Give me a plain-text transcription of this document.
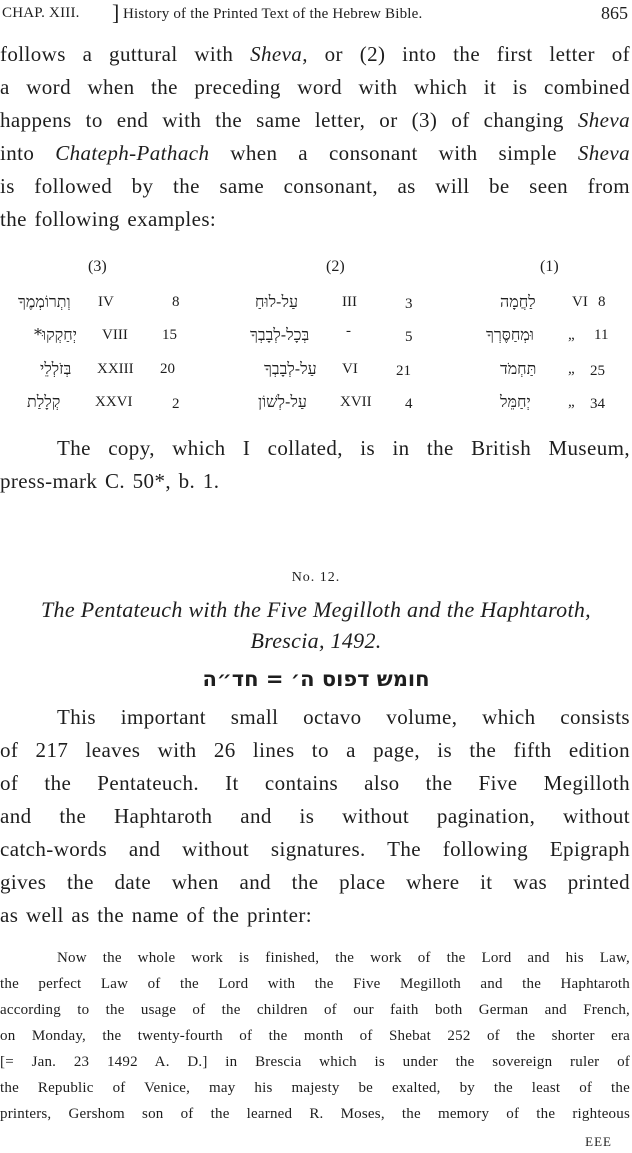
CHAP. XIII. ] History of the Printed Text of the Hebrew Bible.	865
follows a guttural with Sheva, or (2) into the first letter of
a word when the preceding word with which it is combined
happens to end with the same letter, or (3) of changing Sheva
into Chateph-Pathach when a consonant with simple Sheva
is followed by the same consonant, as will be seen from
the following examples:
(3)	(2)	(1)
וְתְרוֹמְמֶךָ IV	8	עַל-לוּחַ	III	3	לַחֲמָה VI 8
יְחַקְקוּ* VIII 15	בְּכָל-לְבָבְךָ -	5	וּמְחַסֶּרְךָ „ 11
בְּזֹלְלֵי XXIII 20	עַל-לְבָבְךָ VI	21	תַּחְמֹד „ 25
קְלָלַת XXVI	2	עַל-לְשׁוֹן XVII 4	יְחַמֵּל „ 34
The copy, which I collated, is in the British Museum,
press-mark C. 50*, b. 1.
No. 12.
The Pentateuch with the Five Megilloth and the Haphtaroth,
Brescia, 1492.
חומש דפוס ה׳ = חד״ה
This important small octavo volume, which consists
of 217 leaves with 26 lines to a page, is the fifth edition
of the Pentateuch. It contains also the Five Megilloth
and the Haphtaroth and is without pagination, without
catch-words and without signatures. The following Epigraph
gives the date when and the place where it was printed
as well as the name of the printer:
Now the whole work is finished, the work of the Lord and his Law,
the perfect Law of the Lord with the Five Megilloth and the Haphtaroth
according to the usage of the children of our faith both German and French,
on Monday, the twenty-fourth of the month of Shebat 252 of the shorter era
[= Jan. 23 1492 A. D.] in Brescia which is under the sovereign ruler of
the Republic of Venice, may his majesty be exalted, by the least of the
printers, Gershom son of the learned R. Moses, the memory of the righteous
EEE
